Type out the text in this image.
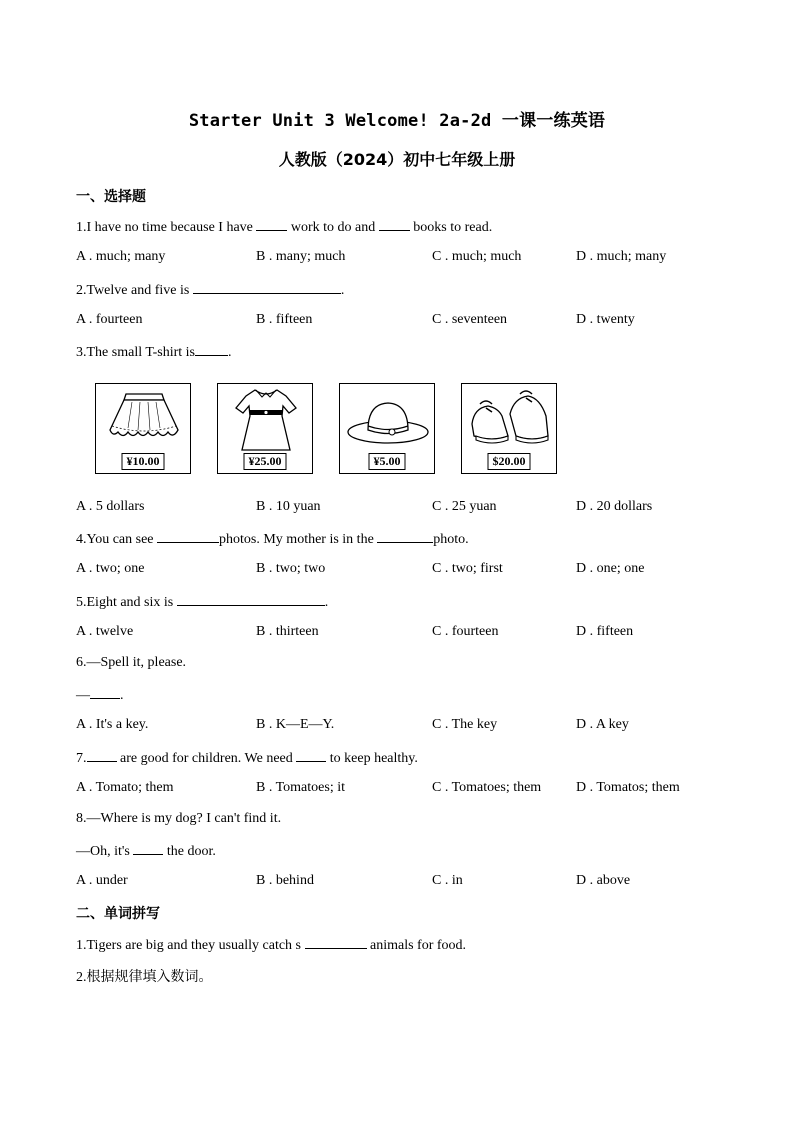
Starter Unit 3 Welcome! 2a-2d 一课一练英语
人教版（2024）初中七年级上册
一、选择题
1.I have no time because I have  work to do and  books to read.
A . much; many	B . many; much	C . much; much	D . much; many
2.Twelve and five is	.
A . fourteen	B . fifteen	C . seventeen	D . twenty
3.The small T-shirt is .
¥10.00	¥25.00	¥5.00	$20.00
A . 5 dollars	B . 10 yuan	C . 25 yuan	D . 20 dollars
4.You can see	photos. My mother is in the	photo.
A . two; one	B . two; two	C . two; first	D . one; one
5.Eight and six is	.
A . twelve	B . thirteen	C . fourteen	D . fifteen
6.—Spell it, please.
— .
A . It's a key.	B . K—E—Y.	C . The key	D . A key
7. are good for children. We need  to keep healthy.
A . Tomato; them	B . Tomatoes; it	C . Tomatoes; them D . Tomatos; them
8.—Where is my dog? I can't find it.
—Oh, it's  the door.
A . under	B . behind	C . in	D . above
二、单词拼写
1.Tigers are big and they usually catch s	animals for food.
2.根据规律填入数词。
